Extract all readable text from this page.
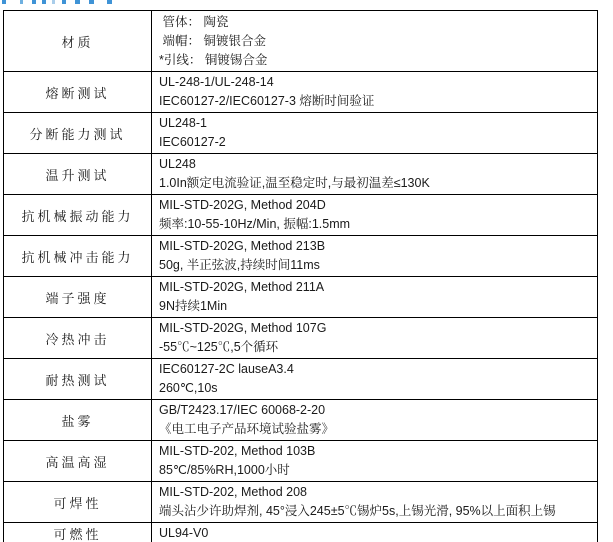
材质	管体： 陶瓷
端帽： 铜镀银合金
*引线： 铜镀锡合金

熔断测试	UL-248-1/UL-248-14
IEC60127-2/IEC60127-3 熔断时间验证

分断能力测试	UL248-1
IEC60127-2

温升测试	UL248
1.0In额定电流验证,温至稳定时,与最初温差≤130K

抗机械振动能力	MIL-STD-202G, Method 204D
频率:10-55-10Hz/Min, 振幅:1.5mm

抗机械冲击能力	MIL-STD-202G, Method 213B
50g, 半正弦波,持续时间11ms

端子强度	MIL-STD-202G, Method 211A
9N持续1Min

冷热冲击	MIL-STD-202G, Method 107G
-55℃~125℃,5个循环

耐热测试	IEC60127-2C lauseA3.4
260℃,10s

盐雾	GB/T2423.17/IEC 60068-2-20
《电工电子产品环境试验盐雾》

高温高湿	MIL-STD-202, Method 103B
85℃/85%RH,1000小时

可焊性	MIL-STD-202, Method 208
端头沾少许助焊剂, 45°浸入245±5℃锡炉5s,上锡光滑, 95%以上面积上锡

可燃性	UL94-V0
